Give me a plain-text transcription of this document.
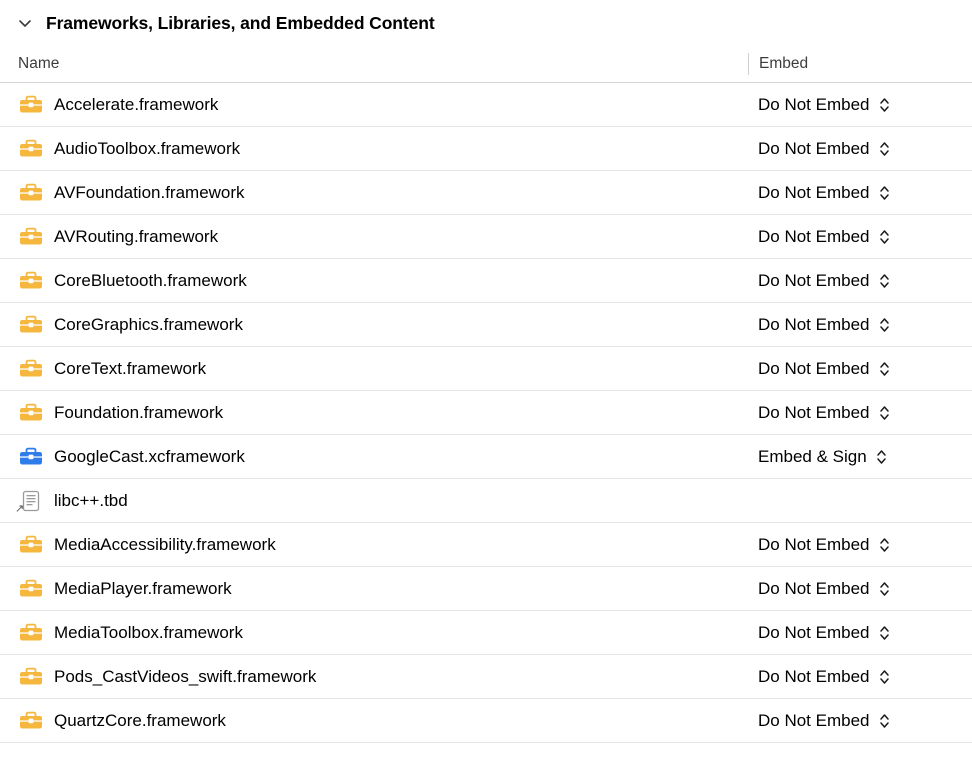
Frameworks, Libraries, and Embedded Content
Name	Embed
Accelerate.framework	Do Not Embed
AudioToolbox.framework	Do Not Embed
AVFoundation.framework	Do Not Embed
AVRouting.framework	Do Not Embed
CoreBluetooth.framework	Do Not Embed
CoreGraphics.framework	Do Not Embed
CoreText.framework	Do Not Embed
Foundation.framework	Do Not Embed
GoogleCast.xcframework	Embed & Sign
↗ libc++.tbd
MediaAccessibility.framework	Do Not Embed
MediaPlayer.framework	Do Not Embed
MediaToolbox.framework	Do Not Embed
Pods_CastVideos_swift.framework	Do Not Embed
QuartzCore.framework	Do Not Embed
